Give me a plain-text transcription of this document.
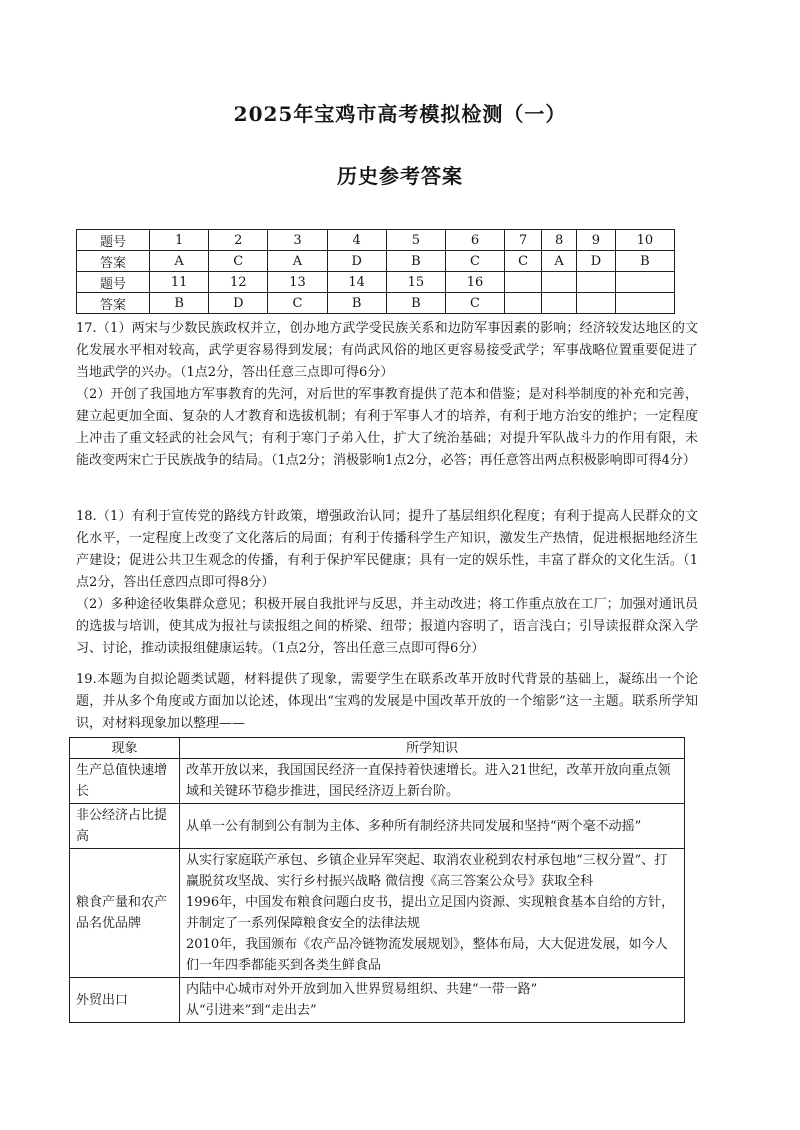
2025年宝鸡市高考模拟检测（一）
历史参考答案
题号	1	2	3	4	5	6	7	8	9	10
答案	A	C	A	D	B	C	C	A	D	B
题号	11	12	13	14	15	16				
答案	B	D	C	B	B	C				

17.（1）两宋与少数民族政权并立，创办地方武学受民族关系和边防军事因素的影响；经济较发达地区的文化发展水平相对较高，武学更容易得到发展；有尚武风俗的地区更容易接受武学；军事战略位置重要促进了当地武学的兴办。（1点2分，答出任意三点即可得6分）

（2）开创了我国地方军事教育的先河，对后世的军事教育提供了范本和借鉴；是对科举制度的补充和完善，建立起更加全面、复杂的人才教育和选拔机制；有利于军事人才的培养，有利于地方治安的维护；一定程度上冲击了重文轻武的社会风气；有利于寒门子弟入仕，扩大了统治基础；对提升军队战斗力的作用有限，未能改变两宋亡于民族战争的结局。（1点2分；消极影响1点2分，必答；再任意答出两点积极影响即可得4分）

18.（1）有利于宣传党的路线方针政策，增强政治认同；提升了基层组织化程度；有利于提高人民群众的文化水平，一定程度上改变了文化落后的局面；有利于传播科学生产知识，激发生产热情，促进根据地经济生产建设；促进公共卫生观念的传播，有利于保护军民健康；具有一定的娱乐性，丰富了群众的文化生活。（1点2分，答出任意四点即可得8分）

（2）多种途径收集群众意见；积极开展自我批评与反思，并主动改进；将工作重点放在工厂；加强对通讯员的选拔与培训，使其成为报社与读报组之间的桥梁、纽带；报道内容明了，语言浅白；引导读报群众深入学习、讨论，推动读报组健康运转。（1点2分，答出任意三点即可得6分）

19.本题为自拟论题类试题，材料提供了现象，需要学生在联系改革开放时代背景的基础上，凝练出一个论题，并从多个角度或方面加以论述，体现出“宝鸡的发展是中国改革开放的一个缩影”这一主题。联系所学知识，对材料现象加以整理——

现象	所学知识
生产总值快速增长	改革开放以来，我国国民经济一直保持着快速增长。进入21世纪，改革开放向重点领域和关键环节稳步推进，国民经济迈上新台阶。

非公经济占比提高	从单一公有制到公有制为主体、多种所有制经济共同发展和坚持“两个毫不动摇”

粮食产量和农产品名优品牌	从实行家庭联产承包、乡镇企业异军突起、取消农业税到农村承包地“三权分置”、打赢脱贫攻坚战、实行乡村振兴战略 微信搜《高三答案公众号》获取全科
1996年，中国发布粮食问题白皮书，提出立足国内资源、实现粮食基本自给的方针，并制定了一系列保障粮食安全的法律法规
2010年，我国颁布《农产品冷链物流发展规划》，整体布局，大大促进发展，如今人们一年四季都能买到各类生鲜食品

外贸出口	内陆中心城市对外开放到加入世界贸易组织、共建“一带一路”
从“引进来”到“走出去”
